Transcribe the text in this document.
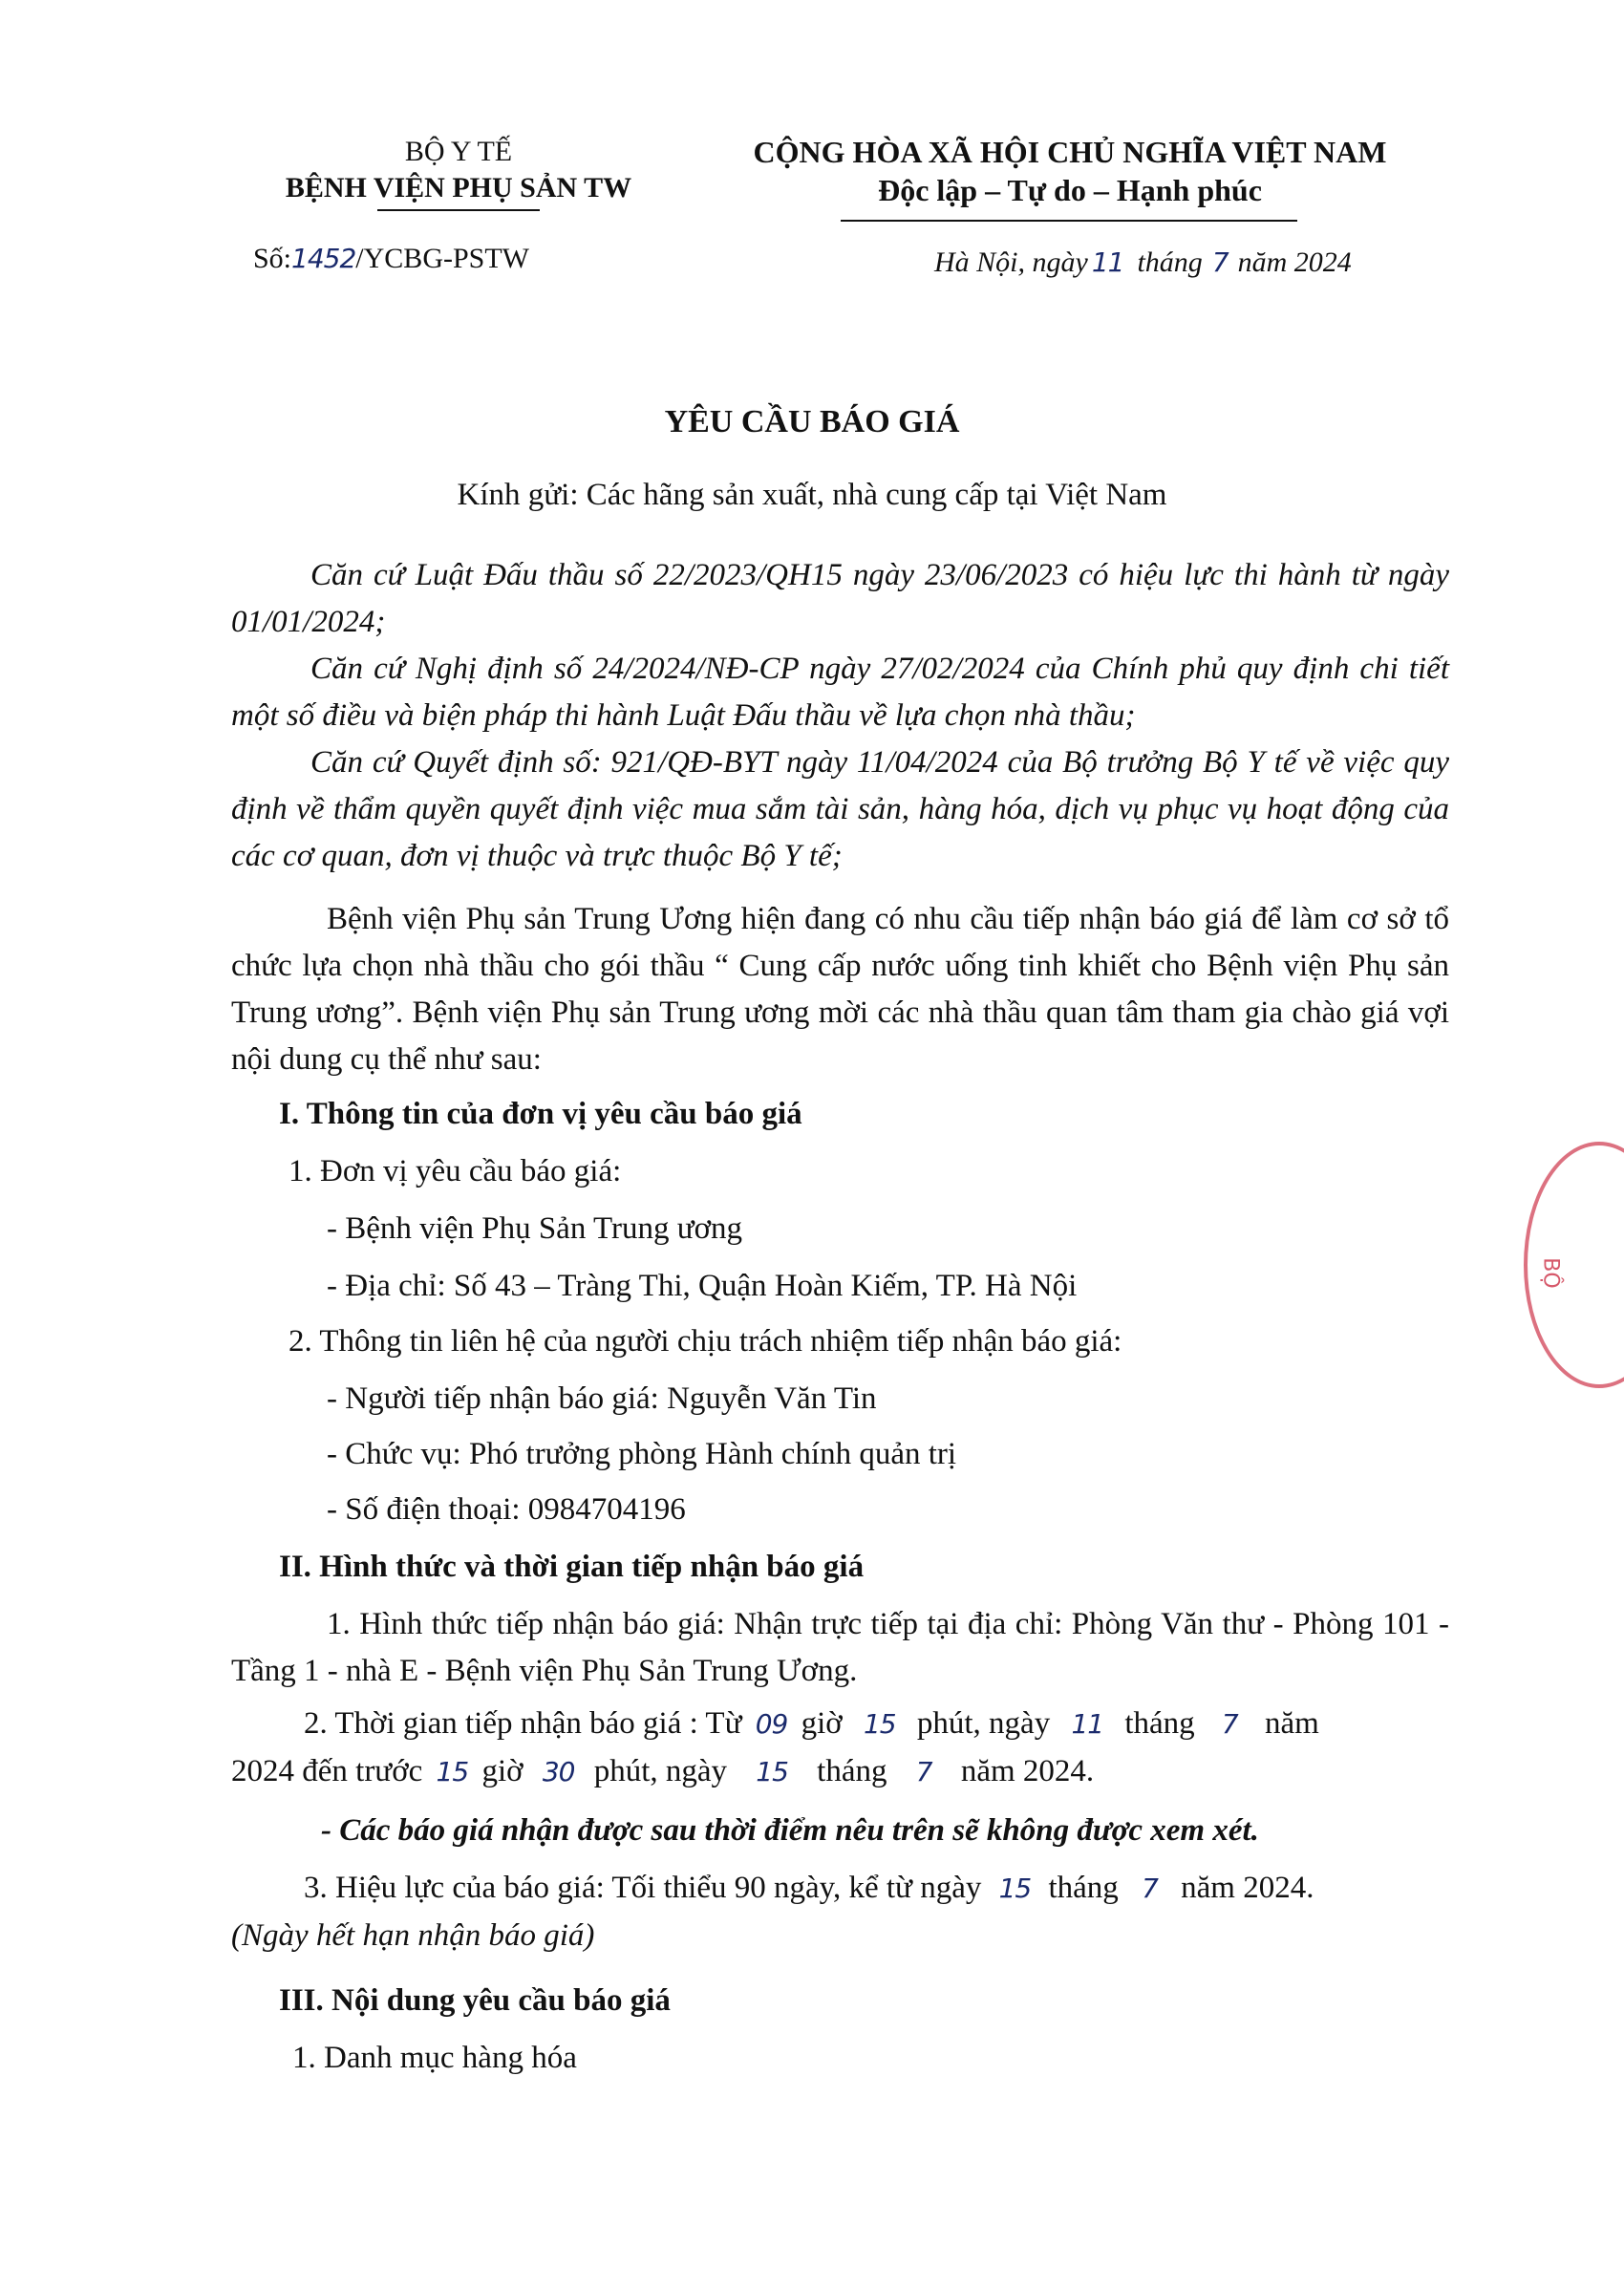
BỘ Y TẾ
BỆNH VIỆN PHỤ SẢN TW
Số:1452/YCBG-PSTW
CỘNG HÒA XÃ HỘI CHỦ NGHĨA VIỆT NAM
Độc lập – Tự do – Hạnh phúc
Hà Nội, ngày 11 tháng 7 năm 2024
YÊU CẦU BÁO GIÁ
Kính gửi: Các hãng sản xuất, nhà cung cấp tại Việt Nam
Căn cứ Luật Đấu thầu số 22/2023/QH15 ngày 23/06/2023 có hiệu lực thi hành từ ngày 01/01/2024;
Căn cứ Nghị định số 24/2024/NĐ-CP ngày 27/02/2024 của Chính phủ quy định chi tiết một số điều và biện pháp thi hành Luật Đấu thầu về lựa chọn nhà thầu;
Căn cứ Quyết định số: 921/QĐ-BYT ngày 11/04/2024 của Bộ trưởng Bộ Y tế về việc quy định về thẩm quyền quyết định việc mua sắm tài sản, hàng hóa, dịch vụ phục vụ hoạt động của các cơ quan, đơn vị thuộc và trực thuộc Bộ Y tế;
Bệnh viện Phụ sản Trung Ương hiện đang có nhu cầu tiếp nhận báo giá để làm cơ sở tổ chức lựa chọn nhà thầu cho gói thầu “ Cung cấp nước uống tinh khiết cho Bệnh viện Phụ sản Trung ương”. Bệnh viện Phụ sản Trung ương mời các nhà thầu quan tâm tham gia chào giá vợi nội dung cụ thể như sau:
I. Thông tin của đơn vị yêu cầu báo giá
1. Đơn vị yêu cầu báo giá:
- Bệnh viện Phụ Sản Trung ương
- Địa chỉ: Số 43 – Tràng Thi, Quận Hoàn Kiếm, TP. Hà Nội
2. Thông tin liên hệ của người chịu trách nhiệm tiếp nhận báo giá:
- Người tiếp nhận báo giá: Nguyễn Văn Tin
- Chức vụ: Phó trưởng phòng Hành chính quản trị
- Số điện thoại: 0984704196
II. Hình thức và thời gian tiếp nhận báo giá
1. Hình thức tiếp nhận báo giá: Nhận trực tiếp tại địa chỉ: Phòng Văn thư - Phòng 101 - Tầng 1 - nhà E - Bệnh viện Phụ Sản Trung Ương.
2. Thời gian tiếp nhận báo giá : Từ 09 giờ 15 phút, ngày 11 tháng 7 năm
2024 đến trước 15 giờ 30 phút, ngày 15 tháng 7 năm 2024.
- Các báo giá nhận được sau thời điểm nêu trên sẽ không được xem xét.
3. Hiệu lực của báo giá: Tối thiểu 90 ngày, kể từ ngày 15 tháng 7 năm 2024.
(Ngày hết hạn nhận báo giá)
III. Nội dung yêu cầu báo giá
1. Danh mục hàng hóa
BỘ
